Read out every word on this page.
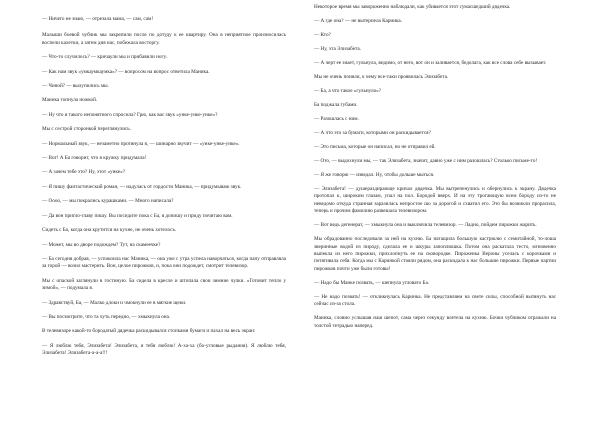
— Ничего не знаю, — отрезала мама, — сам, сам!

Малыши боевой чубчик мы закрепили после по дотуду к ее квартиру. Она в неприятное произносилась воспели кахетки, а затем дня нас, побежала восторгу.

— Что-то случилось? — кричаули мы и прибавили ногу.

— Как нам звук «умкаумкаумка»? — вопросом на вопрос ответила Маника.

— Чиной? — вылупились мы.

Маника топнула ножкой.

— Ну что я такого непонятного спросила? Грю, как вас звук «унке-унке-унке»?

Мы с сестрой сторонкой переглянулись.

— Нормальный звук, — незаметно протянула я, — шинарно звучит — «унке-унке-унке».

— Вот! А Ба говорит, что я кружку придумала!

— А зачем тебе это? Ну, этот «унке»?

— Я пишу фантастический роман, — надулась от гордости Маника, — придумываю звук.

— Ооoo, — мы покрались курашками. — Много написала?

— Да вон пригло-главу пишу. Вы посидите пока с Ба, я допишу и приду почитаю вам.

Сидеть с Ба, когда она крутится на кухне, не очень хотелось.

— Может, мы во дворе подождем? Тут, на скамеечке?

— Ба сегодня добрая, — успокоила нас Маника, — она уже с утра успела наворчаться, когда папу отправляла за горой — возил мастерить. Вон, целое пирожков, и, пока они подождет, смотрит телевизор.

Мы с опаской заглянули в гостиную. Ба сидела в кресле и штопала свои зимние чулки. «Готовит тепло у зимой», — подумала я.

— Здравствуй, Ба, — Малко длоки и чмокнули ее в мягкие щеки.

— Вы посмотрите, что та чуть передно, — хмыкнула она.

В телевизоре какой-то бородатый дядечка раскидывался стопками бумаги и пахал на весь экран:

— Я люблю тебя, Элизабета! Элизабета, я тебя люблю! А-ха-ха (бо-угловые рыдания). Я люблю тебя, Элизабета! Элизабета-а-а-а!!!

Некоторое время мы завороженно наблюдали, как убивается этот сумасшедший дядечка.

— А где она? — не вытерпела Каринка.

— Кто?

— Ну, эта Элизабета.

— А черт ее знает, гульнула, видимо, от него, вот он и заливается, бедолага, как все слова себе вызывает.

Мы не очень поняли, к чему все-таки проявилась Элизабета.

— Ба, а что такое «гульнуло»?

Ба поджала губами.

— Разошлась с ним.

— А что это за бумаги, которыми он раскидывается?

— Это письма, которые он написал, но не отправил ей.

— Ото, — выдохнули мы, — так Элизабета, значит, давно уже с ним разошлась? Столько письме-то!

— Я же говорю — изведал. Ну, чтобы дольше мыться.

— Элизабета! — душераздирающе кричал дядечка. Мы вытрепенулись и обернулись к экрану. Дядечка протопал к, широким глазам, упал на пол. Бородой вверх. И на эту трогающую всем бороду из-то не неведомо откуда странная заразилась непростое шо за дорогой и схватил его. Это бы возникли прорасила, теперь и прочим фамилию развешала телевизором.

— Вот ведь дегенерат, — хмыкнула она и выключила телевизор. — Ладно, пойдем пирожки жарить.

Мы обрадованно последовали за ней на кухню. Ба натащила большую кастрюлю с семитайной, то-лоша зверинные водой из пироду, сделала ее и шкуры запоплюшка. Потом она раскатала тесто, мгновенно выпекла из него пирожки, прихлопнуть ее на сковородке. Пироженка Вероны уселась с корочками и потягивала себя. Когда мы с Каринкой стояли рядом, она раскидала к нас большие пирожки. Первые партии пирожков почти уже были готовы!

— Надо бы Манке позвать, — шепнула угловато Ба.

— Не надо позвать! — откликнулась Каринка. Не представляем на свете силы, способной вытянуть нас сейчас из-за стола.

Маника, словно услышав наш шепот, сама через секунду влетела на кухню. Бочки чубчиком отражали на толстой тетрадью наперед.
